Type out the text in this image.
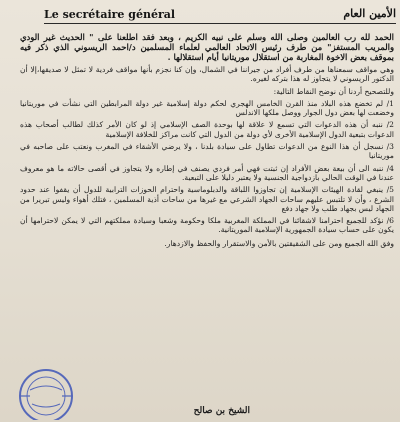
Le secrétaire général	الأمين العام

الحمد لله رب العالمين وصلى الله وسلم على نبيه الكريم ، وبعد فقد اطلعنا على " الحديث غير الودي والمريب المستفز" من طرف رئيس الاتحاد العالمي لعلماء المسلمين د/احمد الريسوني الذي ذكر فيه بموقف بعض الاخوة المغاربة من استقلال موريتانيا أيام استقلالها .

وهي مواقف سمعناها من طرف أفراد من جيراننا في الشمال، وإن كنا نجزم بأنها مواقف فردية لا تمثل لا صديقها،إلا أن الدكتور الريسوني لا يتجاوز له هذا بتركه لغيره.

وللتصحيح أردنا أن نوضح النقاط التالية:

1/ لم تخضع هذه البلاد منذ القرن الخامس الهجري لحكم دولة إسلامية غير دولة المرابطين التي نشأت في موريتانيا وخضعت لها بعض دول الجوار ووصل ملكها الاندلس

2/ ننبه أن هذه الدعوات التي تسمع لا علاقة لها بوحدة الصف الإسلامي إذ لو كان الأمر كذلك لطالب أصحاب هذه الدعوات بتبعية الدول الإسلامية الأخرى لأي دولة من الدول التي كانت مراكز للخلافة الإسلامية

3/ نسجل أن هذا النوع من الدعوات تطاول على سيادة بلدنا ، ولا يرضي الأشقاء في المغرب ونعتب على صاحبه في موريتانيا

4/ ننبه الى أن بيعة بعض الأفراد إن ثبتت فهي أمر فردي يصنف في إطاره ولا يتجاوز في أقصى حالاته ما هو معروف عندنا في الوقت الحالي بازدواجية الجنسية ولا يعتبر دليلا على التبعية.

5/ ينبغي لقادة الهيئات الإسلامية إن تجاوزوا اللباقة والدبلوماسية واحترام الحوزات الترابية للدول أن يقفوا عند حدود الشرع ، وأن لا تلتبس عليهم ساحات الجهاد الشرعي مع غيرها من ساحات أذية المسلمين ، فتلك أهواء وليس تبريرا من الجهاد ليس بجهاد طلب ولا جهاد دفع

6/ نؤكد للجميع احترامنا لاشقائنا في المملكة المغربية ملكا وحكومة وشعبا وسيادة مملكتهم التي لا يمكن لاحترامها أن يكون على حساب سيادة الجمهورية الإسلامية الموريتانية.

وفق الله الجميع ومن على الشقيقتين بالأمن والاستقرار والحفظ والازدهار.

الشيخ بن صالح
